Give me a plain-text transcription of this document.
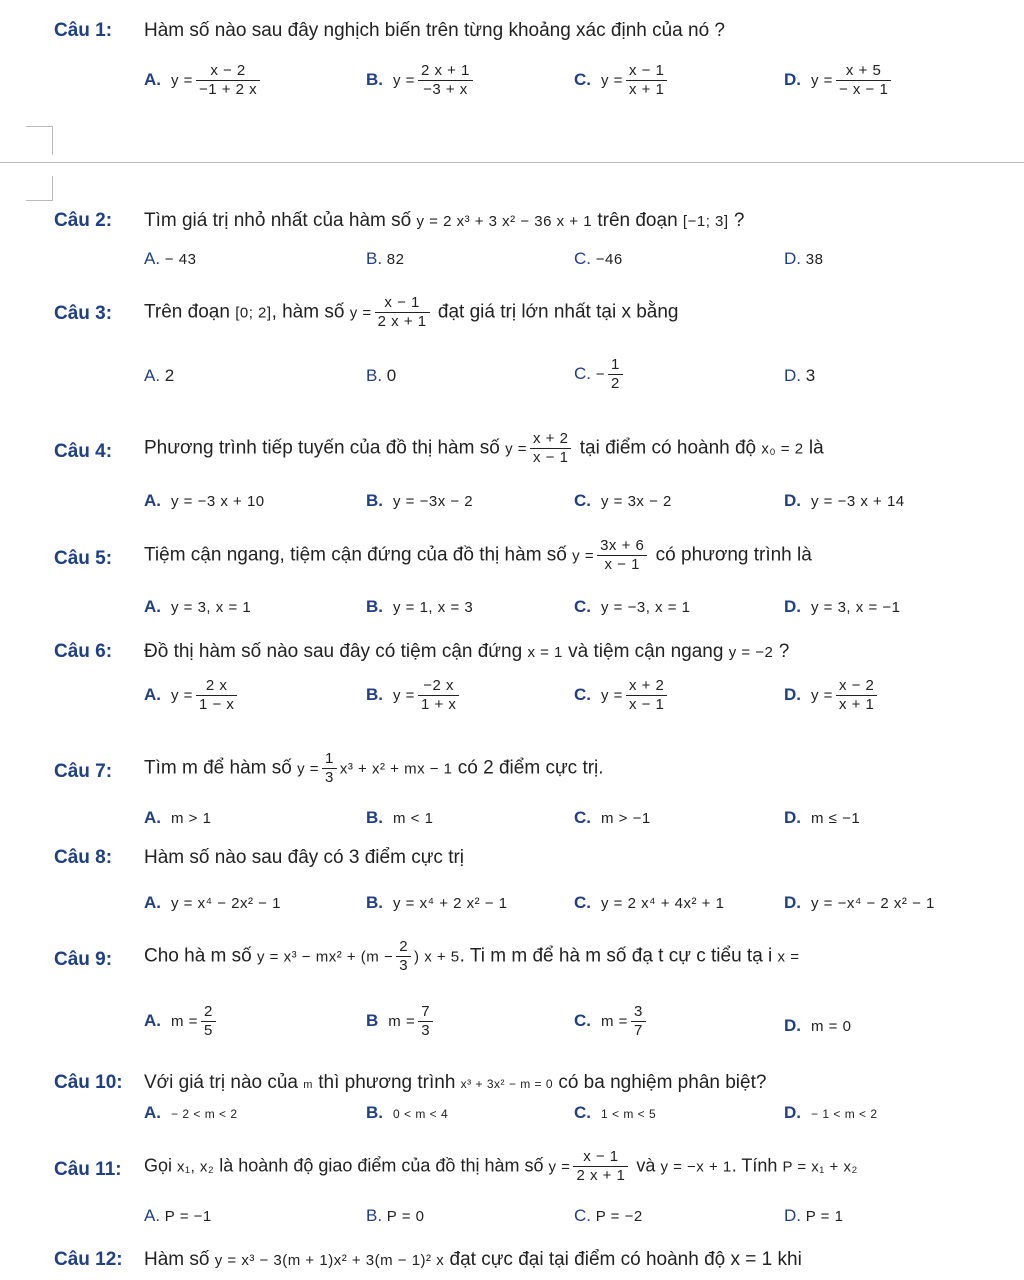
Câu 1: Hàm số nào sau đây nghịch biến trên từng khoảng xác định của nó ?
A. $y = \frac{x - 2}{-1 + 2 x}$	B. $y = \frac{2 x + 1}{-3 + x}$	C. $y = \frac{x - 1}{x + 1}$	D. $y = \frac{x + 5}{- x - 1}$
Câu 2: Tìm giá trị nhỏ nhất của hàm số y = 2 x³ + 3 x² − 36 x + 1 trên đoạn [−1; 3] ?
A. − 43	B. 82	C. −46	D. 38
Câu 3: Trên đoạn [0; 2], hàm số $y = \frac{x - 1}{2 x + 1}$ đạt giá trị lớn nhất tại x bằng
A. 2	B. 0	C. − $\frac{1}{2}$	D. 3
Câu 4: Phương trình tiếp tuyến của đồ thị hàm số $y = \frac{x + 2}{x - 1}$ tại điểm có hoành độ x₀ = 2 là
A. y = −3 x + 10	B. y = −3x − 2	C. y = 3x − 2	D. y = −3 x + 14
Câu 5: Tiệm cận ngang, tiệm cận đứng của đồ thị hàm số $y = \frac{3x + 6}{x - 1}$ có phương trình là
A. y = 3, x = 1	B. y = 1, x = 3	C. y = −3, x = 1	D. y = 3, x = −1
Câu 6: Đồ thị hàm số nào sau đây có tiệm cận đứng x = 1 và tiệm cận ngang y = −2 ?
A. $y = \frac{2 x}{1 - x}$	B. $y = \frac{-2 x}{1 + x}$	C. $y = \frac{x + 2}{x - 1}$	D. $y = \frac{x - 2}{x + 1}$
Câu 7: Tìm m để hàm số $y = \frac{1}{3} x^3 + x^2$ + mx − 1 có 2 điểm cực trị.
A. m > 1	B. m < 1	C. m > −1	D. m ≤ −1
Câu 8: Hàm số nào sau đây có 3 điểm cực trị
A. y = x⁴ − 2x² − 1	B. y = x⁴ + 2 x² − 1	C. y = 2 x⁴ + 4x² + 1	D. y = −x⁴ − 2 x² − 1
Câu 9: Cho hà m số $y = x^3 - mx^2 + (m - \frac{2}{3}$ ) x + 5. Ti m m để hà m số đạ t cự c tiểu tạ i x =
A. $m = \frac{2}{5}$	B $m = \frac{7}{3}$	C. $m = \frac{3}{7}$	D. m = 0
Câu 10: Với giá trị nào của m thì phương trình x³ + 3x² − m = 0 có ba nghiệm phân biệt?
A. − 2 < m < 2	B. 0 < m < 4	C. 1 < m < 5	D. − 1 < m < 2
Câu 11: Gọi x₁, x₂ là hoành độ giao điểm của đồ thị hàm số $y = \frac{x - 1}{2 x + 1}$ và y = −x + 1. Tính P = x₁ + x₂
A. P = −1	B. P = 0	C. P = −2	D. P = 1
Câu 12: Hàm số y = x³ − 3(m + 1)x² + 3(m − 1)² x đạt cực đại tại điểm có hoành độ x = 1 khi
